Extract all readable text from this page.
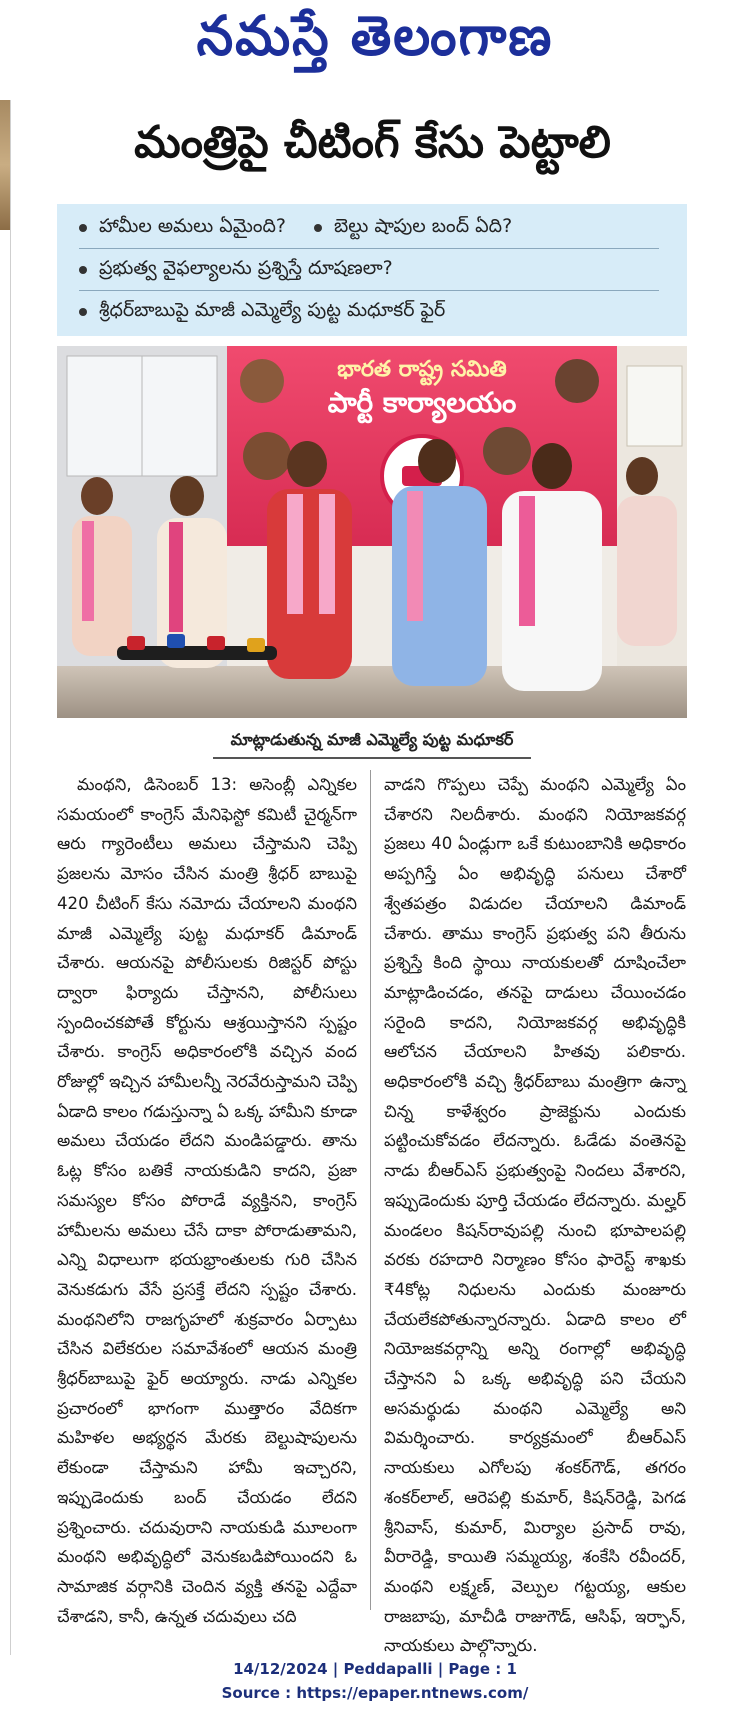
నమస్తే తెలంగాణ
మంత్రిపై చీటింగ్ కేసు పెట్టాలి
హామీల అమలు ఏమైంది?	బెల్టు షాపుల బంద్ ఏది?
ప్రభుత్వ వైఫల్యాలను ప్రశ్నిస్తే దూషణలా?
శ్రీధర్‌బాబుపై మాజీ ఎమ్మెల్యే పుట్ట మధూకర్ ఫైర్
భారత రాష్ట్ర సమితి
పార్టీ కార్యాలయం
మాట్లాడుతున్న మాజీ ఎమ్మెల్యే పుట్ట మధూకర్

మంథని, డిసెంబర్ 13: అసెంబ్లీ ఎన్నికల సమయంలో కాంగ్రెస్ మేనిఫెస్టో కమిటీ చైర్మన్‌గా ఆరు గ్యారెంటీలు అమలు చేస్తామని చెప్పి ప్రజలను మోసం చేసిన మంత్రి శ్రీధర్ బాబుపై 420 చీటింగ్ కేసు నమోదు చేయాలని మంథని మాజీ ఎమ్మెల్యే పుట్ట మధూకర్ డిమాండ్ చేశారు. ఆయనపై పోలీసులకు రిజిస్టర్ పోస్టు ద్వారా ఫిర్యాదు చేస్తానని, పోలీసులు స్పందించకపోతే కోర్టును ఆశ్రయిస్తానని స్పష్టం చేశారు. కాంగ్రెస్ అధికారంలోకి వచ్చిన వంద రోజుల్లో ఇచ్చిన హామీలన్నీ నెరవేరుస్తామని చెప్పి ఏడాది కాలం గడుస్తున్నా ఏ ఒక్క హామీని కూడా అమలు చేయడం లేదని మండిపడ్డారు. తాను ఓట్ల కోసం బతికే నాయకుడిని కాదని, ప్రజా సమస్యల కోసం పోరాడే వ్యక్తినని, కాంగ్రెస్ హామీలను అమలు చేసే దాకా పోరాడుతామని, ఎన్ని విధాలుగా భయభ్రాంతులకు గురి చేసిన వెనుకడుగు వేసే ప్రసక్తే లేదని స్పష్టం చేశారు. మంథనిలోని రాజగృహలో శుక్రవారం ఏర్పాటు చేసిన విలేకరుల సమావేశంలో ఆయన మంత్రి శ్రీధర్‌బాబుపై ఫైర్ అయ్యారు. నాడు ఎన్నికల ప్రచారంలో భాగంగా ముత్తారం వేదికగా మహిళల అభ్యర్థన మేరకు బెల్టుషాపులను లేకుండా చేస్తామని హామీ ఇచ్చారని, ఇప్పుడెందుకు బంద్ చేయడం లేదని ప్రశ్నించారు. చదువురాని నాయకుడి మూలంగా మంథని అభివృద్ధిలో వెనుకబడిపోయిందని ఓ సామాజిక వర్గానికి చెందిన వ్యక్తి తనపై ఎద్దేవా చేశాడని, కానీ, ఉన్నత చదువులు చది

వాడని గొప్పలు చెప్పే మంథని ఎమ్మెల్యే ఏం చేశారని నిలదీశారు. మంథని నియోజకవర్గ ప్రజలు 40 ఏండ్లుగా ఒకే కుటుంబానికి అధికారం అప్పగిస్తే ఏం అభివృద్ధి పనులు చేశారో శ్వేతపత్రం విడుదల చేయాలని డిమాండ్ చేశారు. తాము కాంగ్రెస్ ప్రభుత్వ పని తీరును ప్రశ్నిస్తే కింది స్థాయి నాయకులతో దూషించేలా మాట్లాడించడం, తనపై దాడులు చేయించడం సరైంది కాదని, నియోజకవర్గ అభివృద్ధికి ఆలోచన చేయాలని హితవు పలికారు. అధికారంలోకి వచ్చి శ్రీధర్‌బాబు మంత్రిగా ఉన్నా చిన్న కాళేశ్వరం ప్రాజెక్టును ఎందుకు పట్టించుకోవడం లేదన్నారు. ఓడేడు వంతెనపై నాడు బీఆర్ఎస్ ప్రభుత్వంపై నిందలు వేశారని, ఇప్పుడెందుకు పూర్తి చేయడం లేదన్నారు. మల్హర్ మండలం కిషన్‌రావుపల్లి నుంచి భూపాలపల్లి వరకు రహదారి నిర్మాణం కోసం ఫారెస్ట్ శాఖకు ₹4కోట్ల నిధులను ఎందుకు మంజూరు చేయలేకపోతున్నారన్నారు. ఏడాది కాలం లో నియోజకవర్గాన్ని అన్ని రంగాల్లో అభివృద్ధి చేస్తానని ఏ ఒక్క అభివృద్ధి పని చేయని అసమర్థుడు మంథని ఎమ్మెల్యే అని విమర్శించారు. కార్యక్రమంలో బీఆర్ఎస్ నాయకులు ఎగోలపు శంకర్‌గౌడ్, తగరం శంకర్‌లాల్, ఆరెపల్లి కుమార్, కిషన్‌రెడ్డి, పెగడ శ్రీనివాస్, కుమార్, మిర్యాల ప్రసాద్ రావు, వీరారెడ్డి, కాయితి సమ్మయ్య, శంకేసి రవీందర్, మంథని లక్ష్మణ్, వెల్పుల గట్టయ్య, ఆకుల రాజబాపు, మాచీడి రాజుగౌడ్, ఆసిఫ్, ఇర్ఫాన్, నాయకులు పాల్గొన్నారు.

14/12/2024 | Peddapalli | Page : 1
Source : https://epaper.ntnews.com/
